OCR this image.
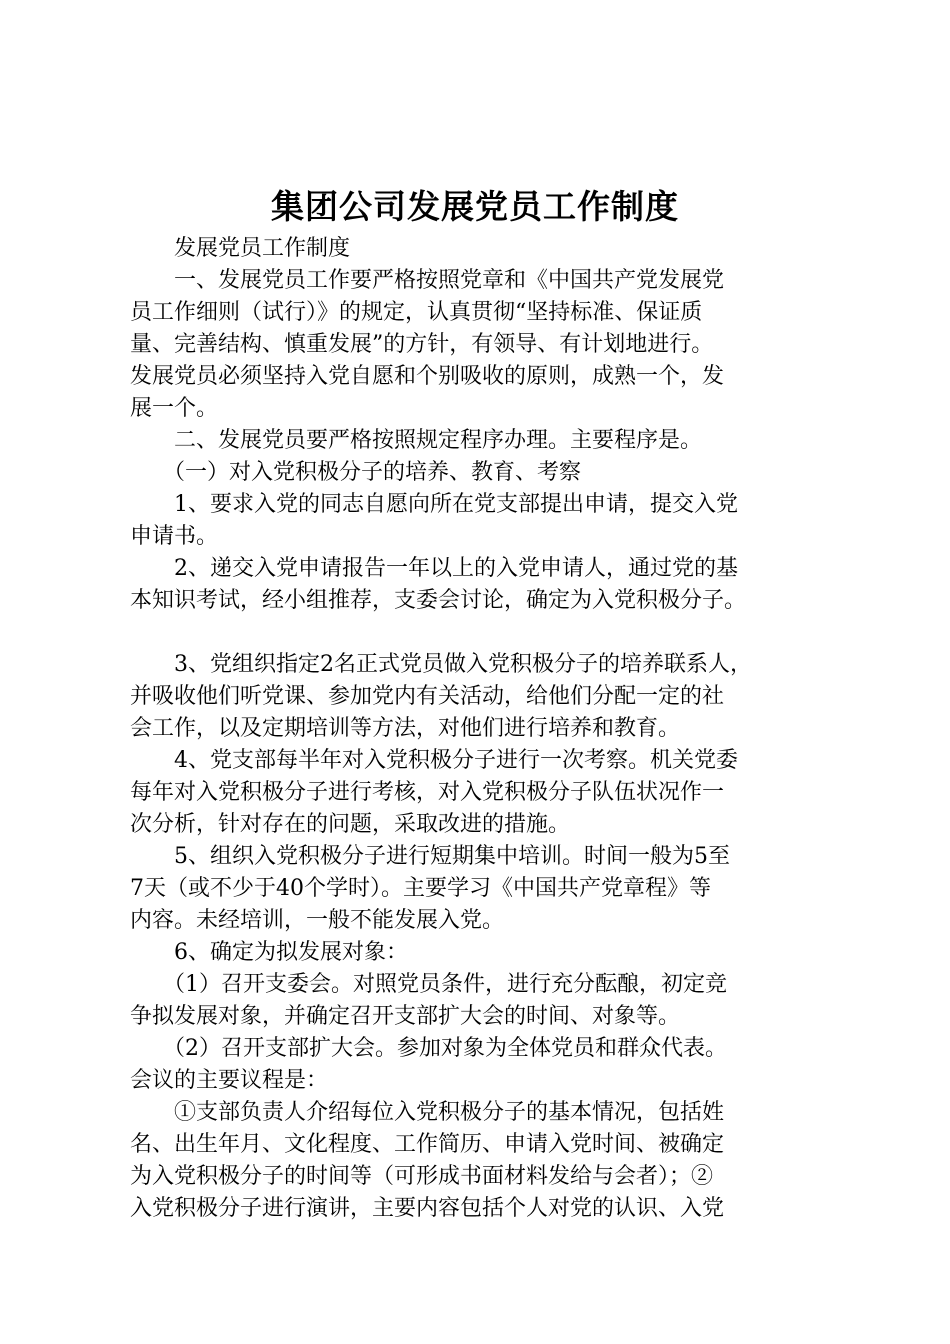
集团公司发展党员工作制度
　　发展党员工作制度
　　一、发展党员工作要严格按照党章和《中国共产党发展党
员工作细则（试行）》的规定，认真贯彻“坚持标准、保证质
量、完善结构、慎重发展”的方针，有领导、有计划地进行。
发展党员必须坚持入党自愿和个别吸收的原则，成熟一个，发
展一个。
　　二、发展党员要严格按照规定程序办理。主要程序是。
　　（一）对入党积极分子的培养、教育、考察
　　1、要求入党的同志自愿向所在党支部提出申请，提交入党
申请书。
　　2、递交入党申请报告一年以上的入党申请人，通过党的基
本知识考试，经小组推荐，支委会讨论，确定为入党积极分子。
　　3、党组织指定2名正式党员做入党积极分子的培养联系人，
并吸收他们听党课、参加党内有关活动，给他们分配一定的社
会工作，以及定期培训等方法，对他们进行培养和教育。
　　4、党支部每半年对入党积极分子进行一次考察。机关党委
每年对入党积极分子进行考核，对入党积极分子队伍状况作一
次分析，针对存在的问题，采取改进的措施。
　　5、组织入党积极分子进行短期集中培训。时间一般为5至
7天（或不少于40个学时）。主要学习《中国共产党章程》等
内容。未经培训，一般不能发展入党。
　　6、确定为拟发展对象：
　　（1）召开支委会。对照党员条件，进行充分酝酿，初定竞
争拟发展对象，并确定召开支部扩大会的时间、对象等。
　　（2）召开支部扩大会。参加对象为全体党员和群众代表。
会议的主要议程是：
　　①支部负责人介绍每位入党积极分子的基本情况，包括姓
名、出生年月、文化程度、工作简历、申请入党时间、被确定
为入党积极分子的时间等（可形成书面材料发给与会者）；②
入党积极分子进行演讲，主要内容包括个人对党的认识、入党
